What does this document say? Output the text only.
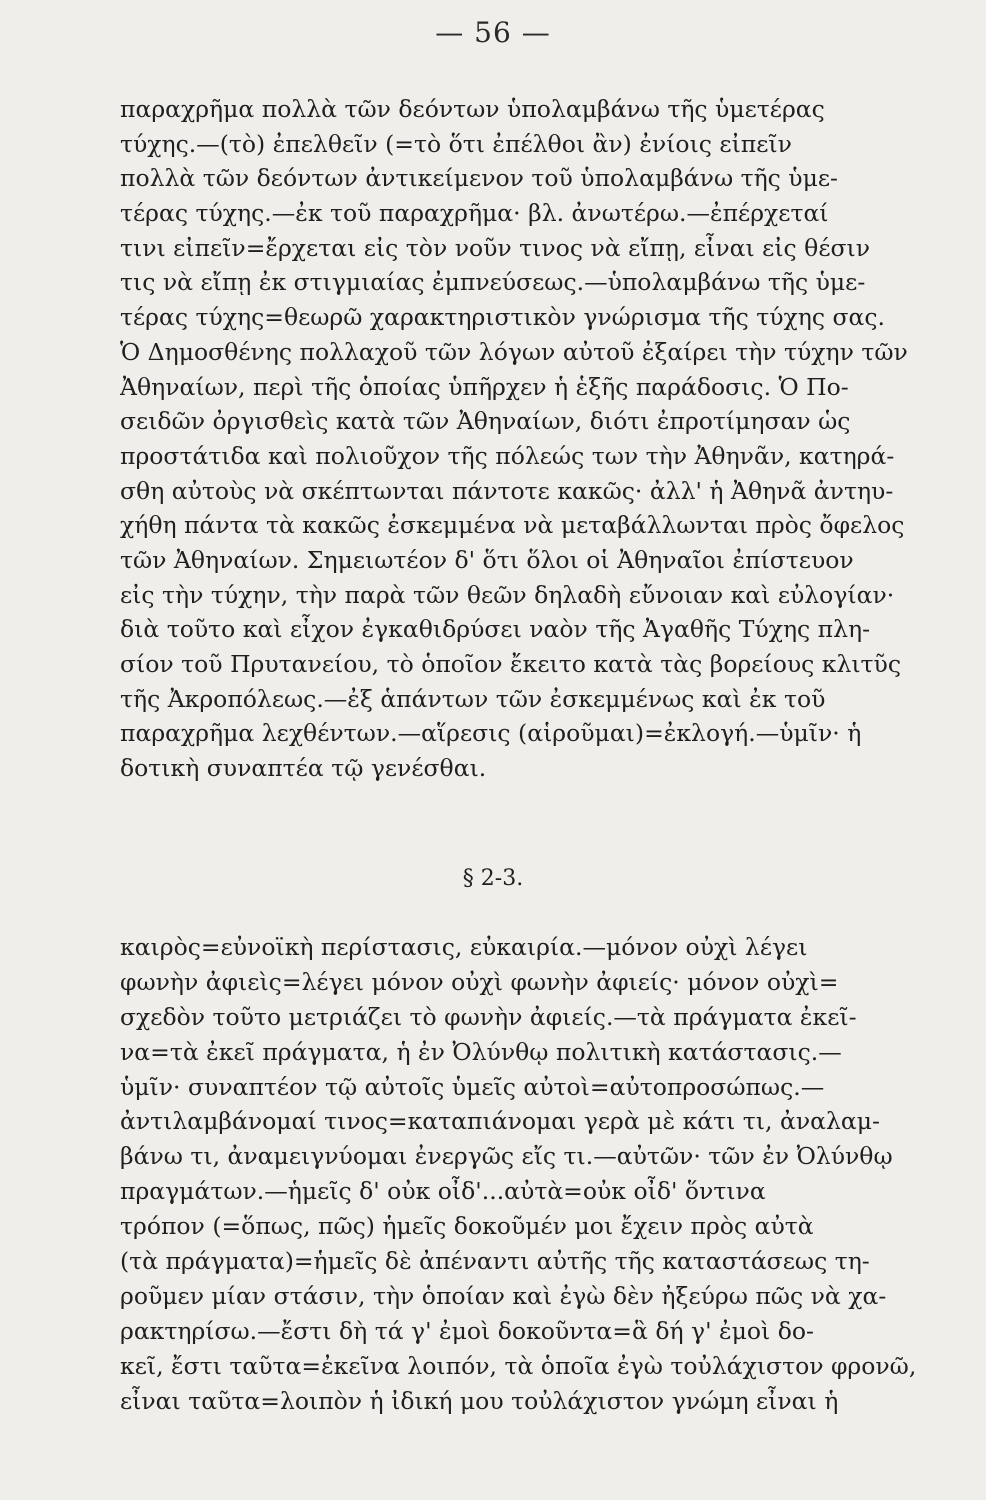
— 56 —
παραχρῆμα πολλὰ τῶν δεόντων ὑπολαμβάνω τῆς ὑμετέρας
τύχης.—(τὸ) ἐπελθεῖν (=τὸ ὅτι ἐπέλθοι ἂν) ἐνίοις εἰπεῖν
πολλὰ τῶν δεόντων ἀντικείμενον τοῦ ὑπολαμβάνω τῆς ὑμε-
τέρας τύχης.—ἐκ τοῦ παραχρῆμα· βλ. ἀνωτέρω.—ἐπέρχεταί
τινι εἰπεῖν=ἔρχεται εἰς τὸν νοῦν τινος νὰ εἴπῃ, εἶναι εἰς θέσιν
τις νὰ εἴπῃ ἐκ στιγμιαίας ἐμπνεύσεως.—ὑπολαμβάνω τῆς ὑμε-
τέρας τύχης=θεωρῶ χαρακτηριστικὸν γνώρισμα τῆς τύχης σας.
Ὁ Δημοσθένης πολλαχοῦ τῶν λόγων αὐτοῦ ἐξαίρει τὴν τύχην τῶν
Ἀθηναίων, περὶ τῆς ὁποίας ὑπῆρχεν ἡ ἑξῆς παράδοσις. Ὁ Πο-
σειδῶν ὀργισθεὶς κατὰ τῶν Ἀθηναίων, διότι ἐπροτίμησαν ὡς
προστάτιδα καὶ πολιοῦχον τῆς πόλεώς των τὴν Ἀθηνᾶν, κατηρά-
σθη αὐτοὺς νὰ σκέπτωνται πάντοτε κακῶς· ἀλλ' ἡ Ἀθηνᾶ ἀντηυ-
χήθη πάντα τὰ κακῶς ἐσκεμμένα νὰ μεταβάλλωνται πρὸς ὄφελος
τῶν Ἀθηναίων. Σημειωτέον δ' ὅτι ὅλοι οἱ Ἀθηναῖοι ἐπίστευον
εἰς τὴν τύχην, τὴν παρὰ τῶν θεῶν δηλαδὴ εὔνοιαν καὶ εὐλογίαν·
διὰ τοῦτο καὶ εἶχον ἐγκαθιδρύσει ναὸν τῆς Ἀγαθῆς Τύχης πλη-
σίον τοῦ Πρυτανείου, τὸ ὁποῖον ἔκειτο κατὰ τὰς βορείους κλιτῦς
τῆς Ἀκροπόλεως.—ἐξ ἁπάντων τῶν ἐσκεμμένως καὶ ἐκ τοῦ
παραχρῆμα λεχθέντων.—αἵρεσις (αἱροῦμαι)=ἐκλογή.—ὑμῖν· ἡ
δοτικὴ συναπτέα τῷ γενέσθαι.
§ 2-3.
καιρὸς=εὐνοϊκὴ περίστασις, εὐκαιρία.—μόνον οὐχὶ λέγει
φωνὴν ἀφιεὶς=λέγει μόνον οὐχὶ φωνὴν ἀφιείς· μόνον οὐχὶ=
σχεδὸν τοῦτο μετριάζει τὸ φωνὴν ἀφιείς.—τὰ πράγματα ἐκεῖ-
να=τὰ ἐκεῖ πράγματα, ἡ ἐν Ὀλύνθῳ πολιτικὴ κατάστασις.—
ὑμῖν· συναπτέον τῷ αὐτοῖς ὑμεῖς αὐτοὶ=αὐτοπροσώπως.—
ἀντιλαμβάνομαί τινος=καταπιάνομαι γερὰ μὲ κάτι τι, ἀναλαμ-
βάνω τι, ἀναμειγνύομαι ἐνεργῶς εἴς τι.—αὐτῶν· τῶν ἐν Ὀλύνθῳ
πραγμάτων.—ἡμεῖς δ' οὐκ οἶδ'...αὐτὰ=οὐκ οἶδ' ὅντινα
τρόπον (=ὅπως, πῶς) ἡμεῖς δοκοῦμέν μοι ἔχειν πρὸς αὐτὰ
(τὰ πράγματα)=ἡμεῖς δὲ ἀπέναντι αὐτῆς τῆς καταστάσεως τη-
ροῦμεν μίαν στάσιν, τὴν ὁποίαν καὶ ἐγὼ δὲν ἠξεύρω πῶς νὰ χα-
ρακτηρίσω.—ἔστι δὴ τά γ' ἐμοὶ δοκοῦντα=ἃ δή γ' ἐμοὶ δο-
κεῖ, ἔστι ταῦτα=ἐκεῖνα λοιπόν, τὰ ὁποῖα ἐγὼ τοὐλάχιστον φρονῶ,
εἶναι ταῦτα=λοιπὸν ἡ ἰδική μου τοὐλάχιστον γνώμη εἶναι ἡ
